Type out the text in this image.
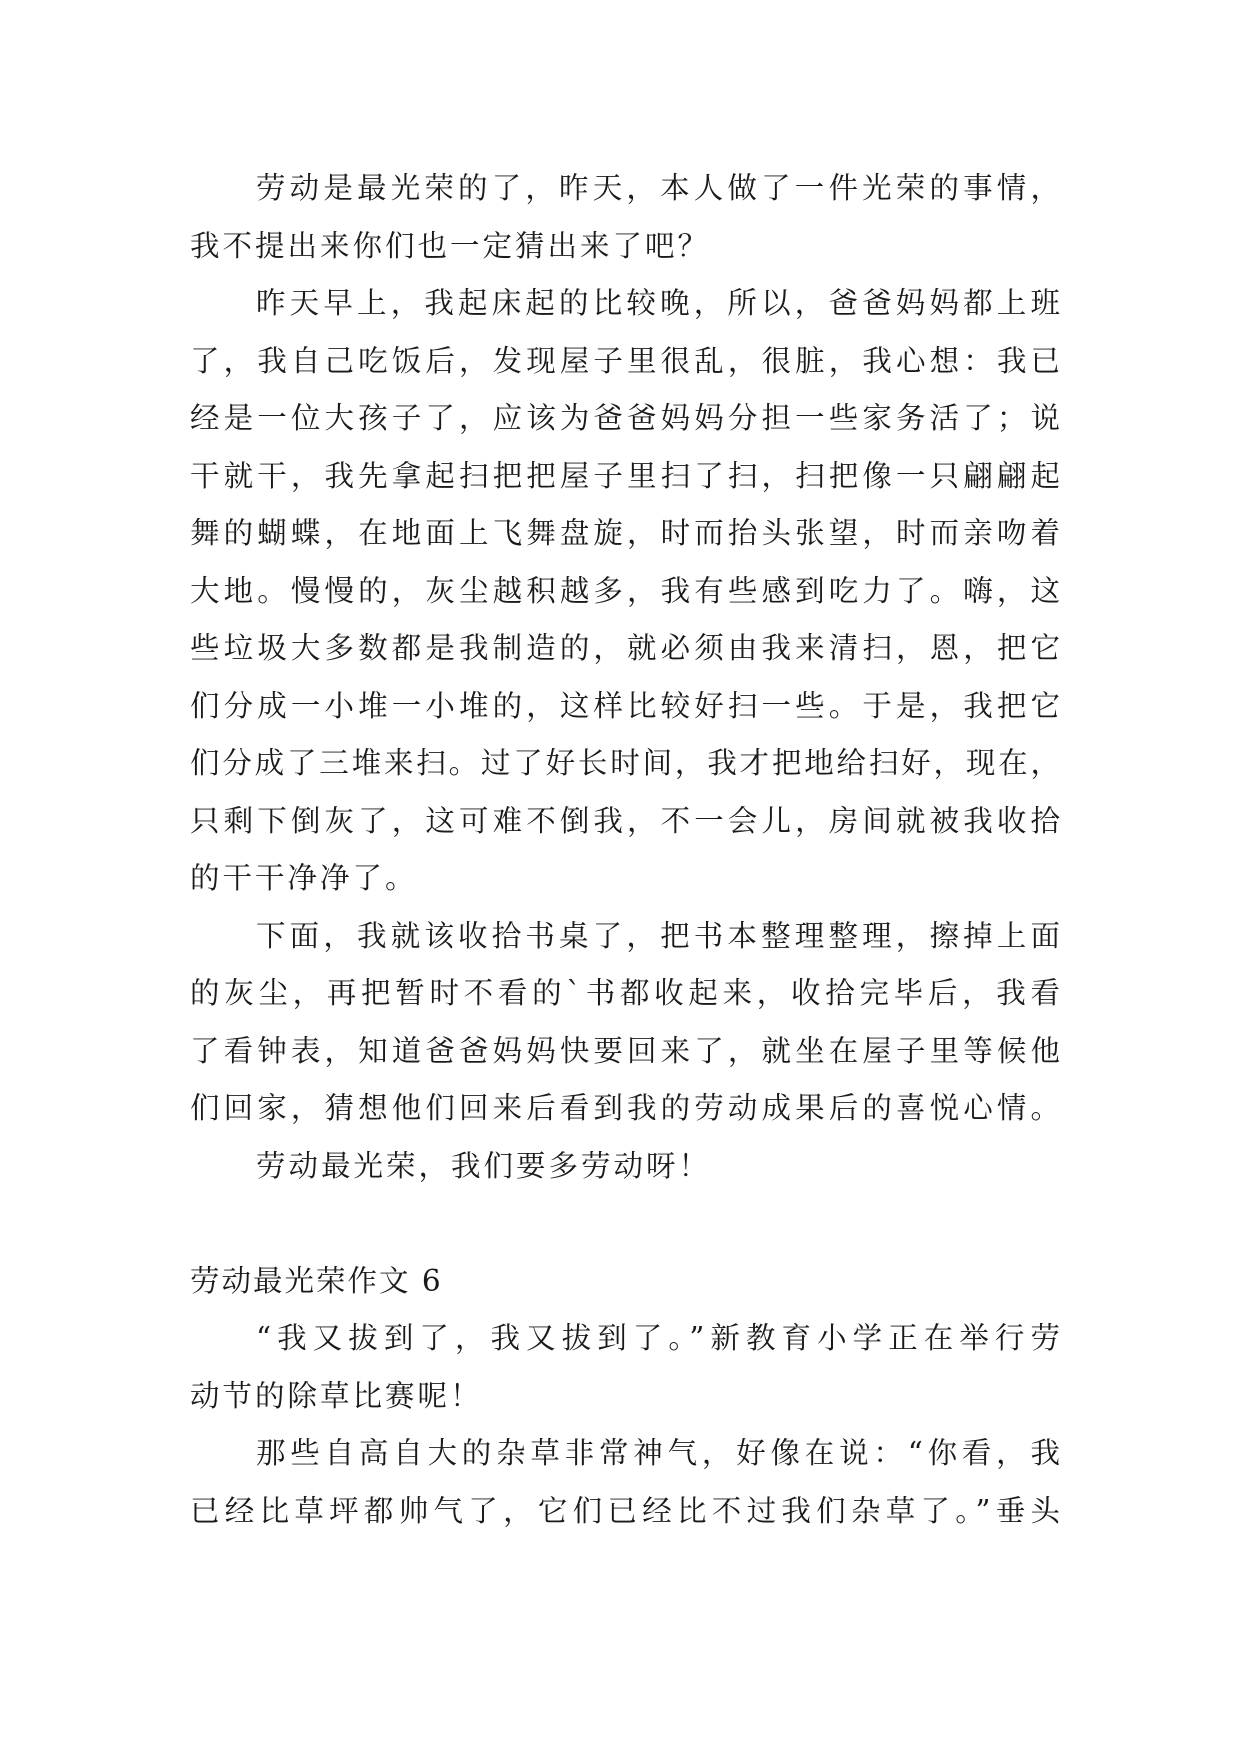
劳动是最光荣的了，昨天，本人做了一件光荣的事情，
我不提出来你们也一定猜出来了吧？
昨天早上，我起床起的比较晚，所以，爸爸妈妈都上班
了，我自己吃饭后，发现屋子里很乱，很脏，我心想：我已
经是一位大孩子了，应该为爸爸妈妈分担一些家务活了；说
干就干，我先拿起扫把把屋子里扫了扫，扫把像一只翩翩起
舞的蝴蝶，在地面上飞舞盘旋，时而抬头张望，时而亲吻着
大地。慢慢的，灰尘越积越多，我有些感到吃力了。嗨，这
些垃圾大多数都是我制造的，就必须由我来清扫，恩，把它
们分成一小堆一小堆的，这样比较好扫一些。于是，我把它
们分成了三堆来扫。过了好长时间，我才把地给扫好，现在，
只剩下倒灰了，这可难不倒我，不一会儿，房间就被我收拾
的干干净净了。
下面，我就该收拾书桌了，把书本整理整理，擦掉上面
的灰尘，再把暂时不看的`书都收起来，收拾完毕后，我看
了看钟表，知道爸爸妈妈快要回来了，就坐在屋子里等候他
们回家，猜想他们回来后看到我的劳动成果后的喜悦心情。
劳动最光荣，我们要多劳动呀！
劳动最光荣作文 6
“我又拔到了，我又拔到了。”新教育小学正在举行劳
动节的除草比赛呢！
那些自高自大的杂草非常神气，好像在说：“你看，我
已经比草坪都帅气了，它们已经比不过我们杂草了。”垂头
